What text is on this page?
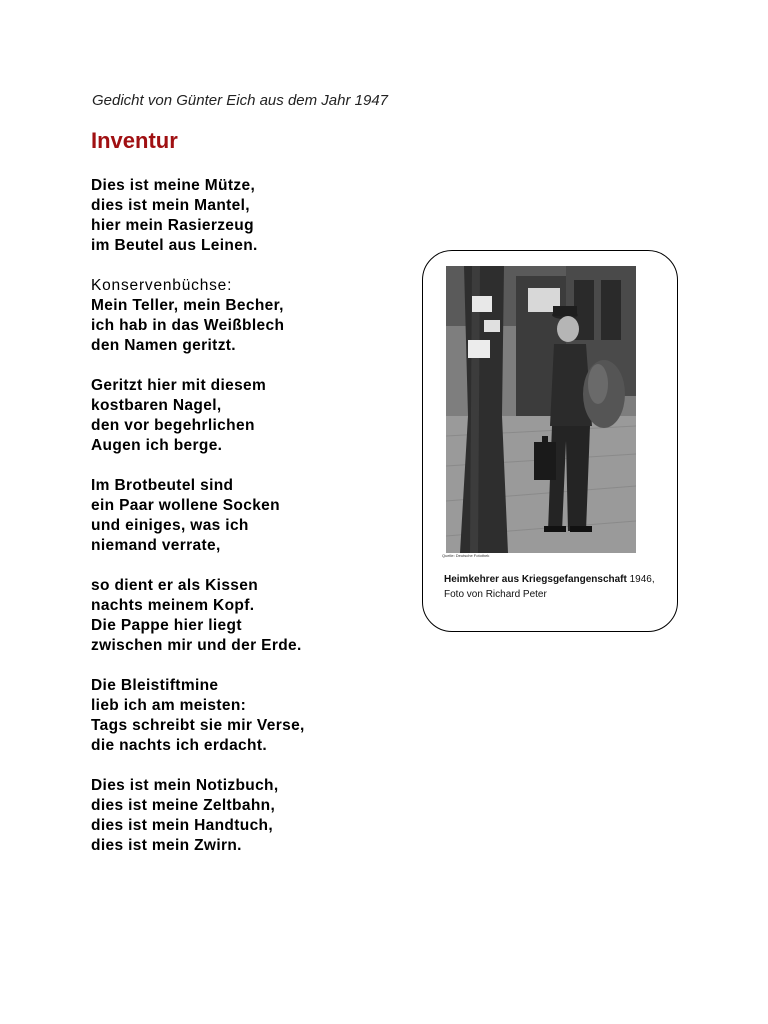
Gedicht von Günter Eich aus dem Jahr 1947
Inventur
Dies ist meine Mütze,
dies ist mein Mantel,
hier mein Rasierzeug
im Beutel aus Leinen.
Konservenbüchse:
Mein Teller, mein Becher,
ich hab in das Weißblech
den Namen geritzt.
Geritzt hier mit diesem
kostbaren Nagel,
den vor begehrlichen
Augen ich berge.
Im Brotbeutel sind
ein Paar wollene Socken
und einiges, was ich
niemand verrate,
so dient er als Kissen
nachts meinem Kopf.
Die Pappe hier liegt
zwischen mir und der Erde.
Die Bleistiftmine
lieb ich am meisten:
Tags schreibt sie mir Verse,
die nachts ich erdacht.
Dies ist mein Notizbuch,
dies ist meine Zeltbahn,
dies ist mein Handtuch,
dies ist mein Zwirn.
Quelle: Deutsche Fotothek
Heimkehrer aus Kriegsgefangenschaft 1946,
Foto von Richard Peter
